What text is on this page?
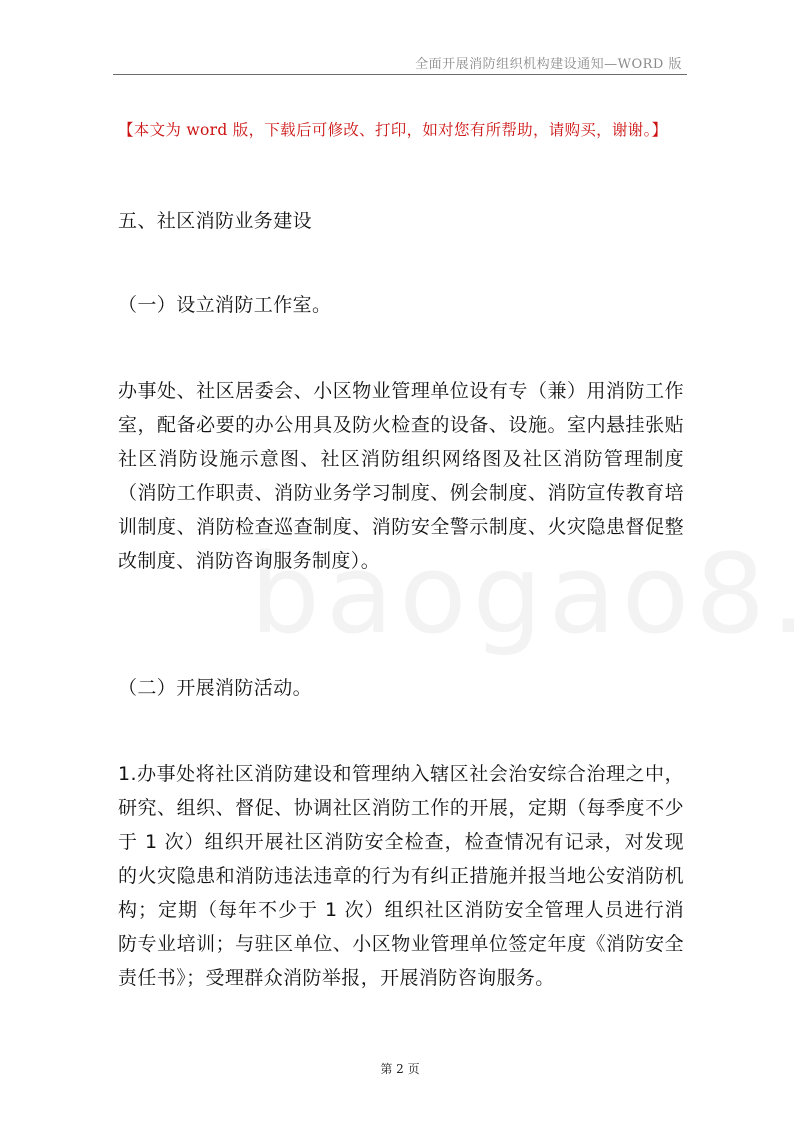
全面开展消防组织机构建设通知—WORD 版
【本文为 word 版，下载后可修改、打印，如对您有所帮助，请购买，谢谢。】

五、社区消防业务建设

（一）设立消防工作室。

办事处、社区居委会、小区物业管理单位设有专（兼）用消防工作室，配备必要的办公用具及防火检查的设备、设施。室内悬挂张贴社区消防设施示意图、社区消防组织网络图及社区消防管理制度（消防工作职责、消防业务学习制度、例会制度、消防宣传教育培训制度、消防检查巡查制度、消防安全警示制度、火灾隐患督促整改制度、消防咨询服务制度）。

（二）开展消防活动。

1.办事处将社区消防建设和管理纳入辖区社会治安综合治理之中，研究、组织、督促、协调社区消防工作的开展，定期（每季度不少于 1 次）组织开展社区消防安全检查，检查情况有记录，对发现的火灾隐患和消防违法违章的行为有纠正措施并报当地公安消防机构；定期（每年不少于 1 次）组织社区消防安全管理人员进行消防专业培训；与驻区单位、小区物业管理单位签定年度《消防安全责任书》；受理群众消防举报，开展消防咨询服务。

第 2 页
